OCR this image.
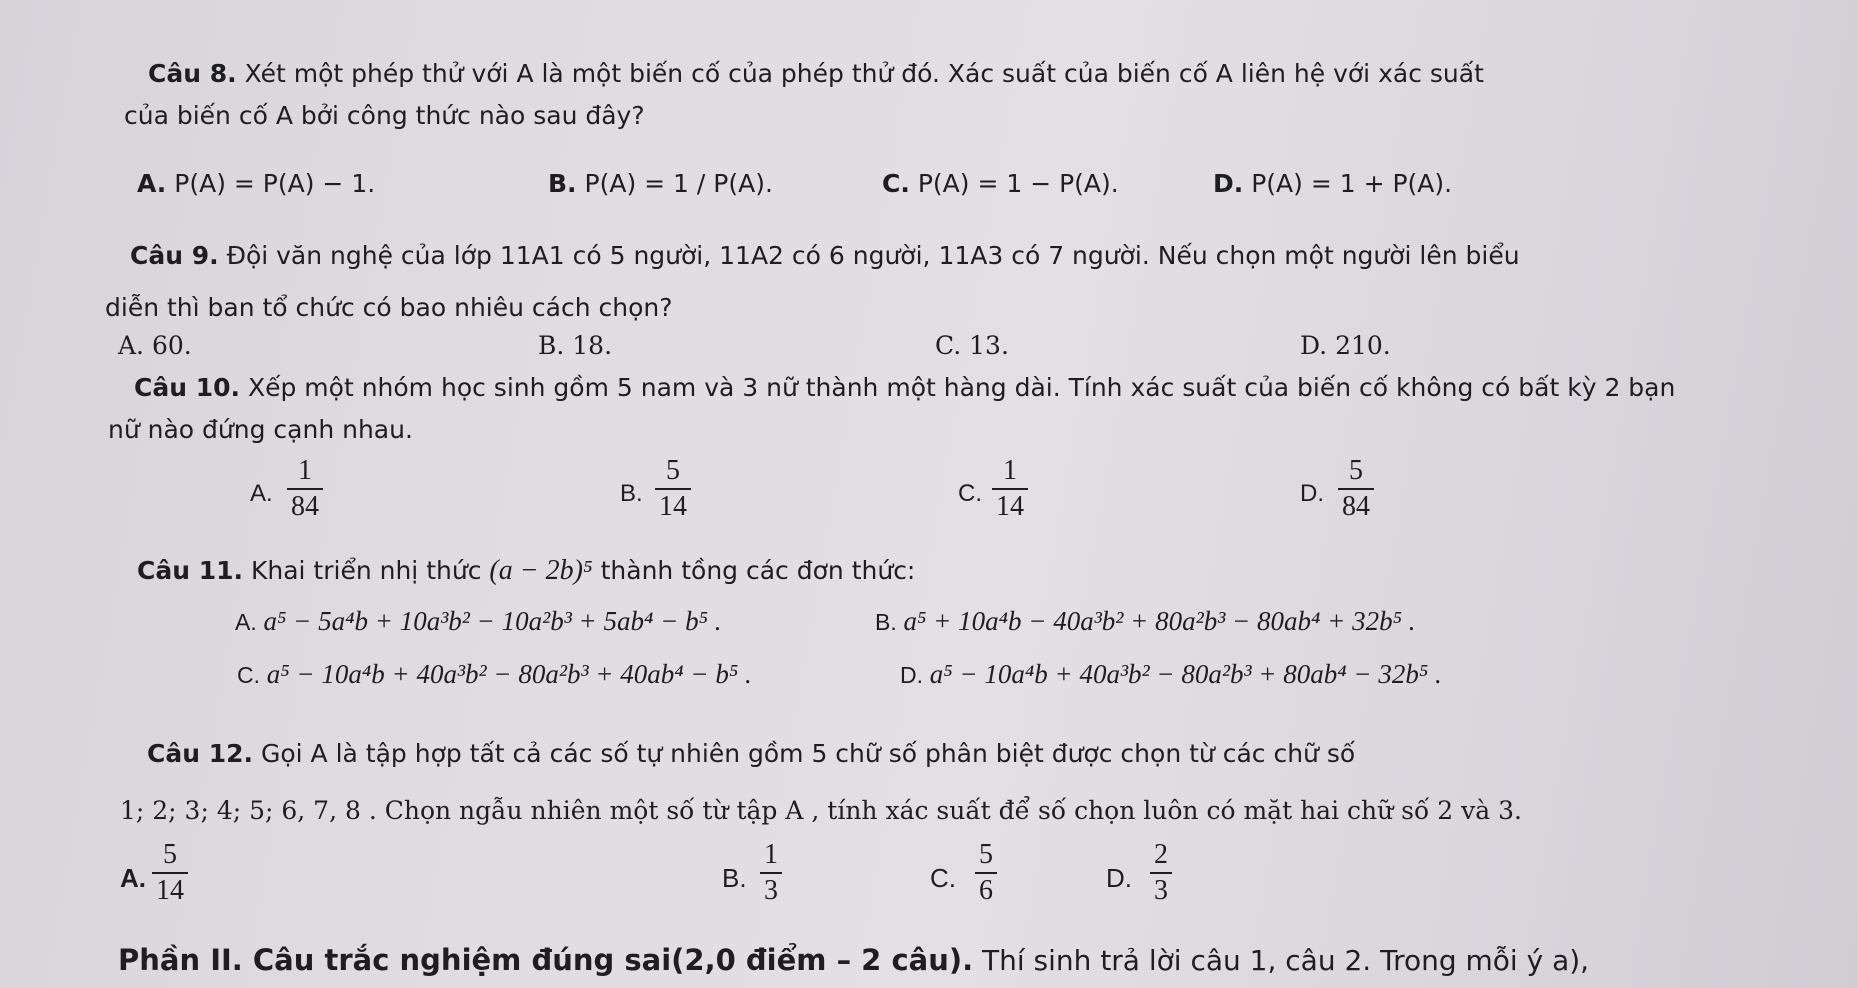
Câu 8. Xét một phép thử với A là một biến cố của phép thử đó. Xác suất của biến cố A liên hệ với xác suất
của biến cố A bởi công thức nào sau đây?
A. P(A) = P(A) − 1.	B. P(A) = 1 / P(A).	C. P(A) = 1 − P(A).	D. P(A) = 1 + P(A).
Câu 9. Đội văn nghệ của lớp 11A1 có 5 người, 11A2 có 6 người, 11A3 có 7 người. Nếu chọn một người lên biểu
diễn thì ban tổ chức có bao nhiêu cách chọn?
A. 60.	B. 18.	C. 13.	D. 210.
Câu 10. Xếp một nhóm học sinh gồm 5 nam và 3 nữ thành một hàng dài. Tính xác suất của biến cố không có bất kỳ 2 bạn
nữ nào đứng cạnh nhau.
A. $\frac{1}{84}$	B. $\frac{5}{14}$	C. $\frac{1}{14}$	D. $\frac{5}{84}$
Câu 11. Khai triển nhị thức (a − 2b)⁵ thành tồng các đơn thức:
A. a⁵ − 5a⁴b + 10a³b² − 10a²b³ + 5ab⁴ − b⁵ .	B. a⁵ + 10a⁴b − 40a³b² + 80a²b³ − 80ab⁴ + 32b⁵ .
C. a⁵ − 10a⁴b + 40a³b² − 80a²b³ + 40ab⁴ − b⁵ .	D. a⁵ − 10a⁴b + 40a³b² − 80a²b³ + 80ab⁴ − 32b⁵ .
Câu 12. Gọi A là tập hợp tất cả các số tự nhiên gồm 5 chữ số phân biệt được chọn từ các chữ số
1; 2; 3; 4; 5; 6, 7, 8 . Chọn ngẫu nhiên một số từ tập A , tính xác suất để số chọn luôn có mặt hai chữ số 2 và 3.
A. $\frac{5}{14}$	B. $\frac{1}{3}$	C. $\frac{5}{6}$	D. $\frac{2}{3}$
Phần II. Câu trắc nghiệm đúng sai(2,0 điểm – 2 câu). Thí sinh trả lời câu 1, câu 2. Trong mỗi ý a),
